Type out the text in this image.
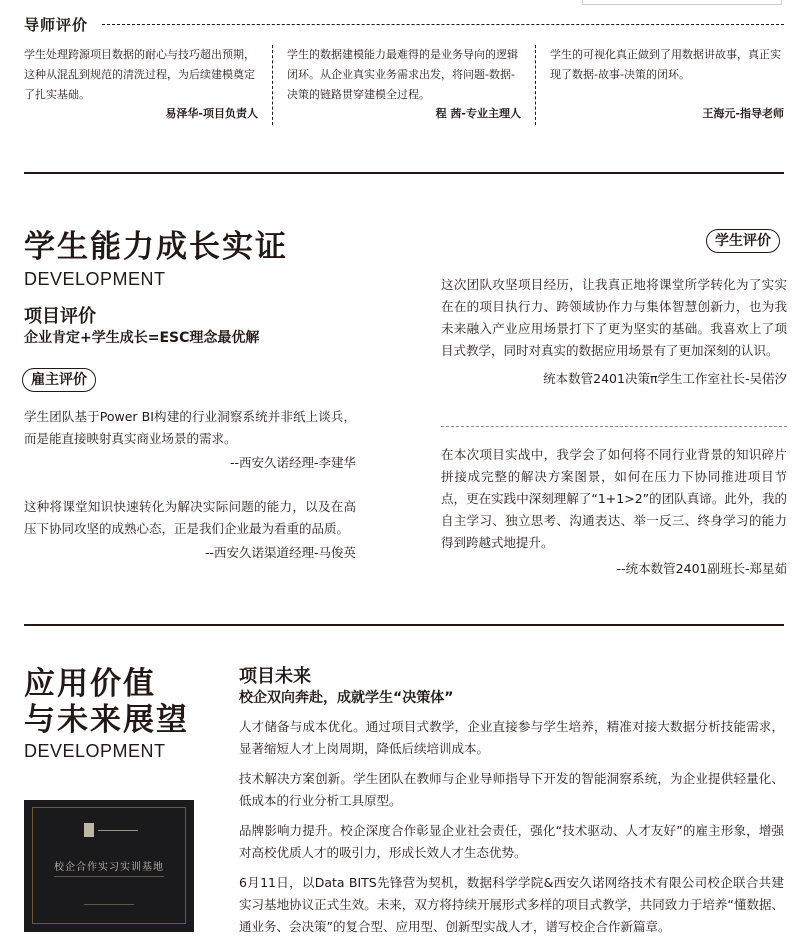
导师评价

学生处理跨源项目数据的耐心与技巧超出预期，这种从混乱到规范的清洗过程，为后续建模奠定了扎实基础。

易泽华-项目负责人

学生的数据建模能力最难得的是业务导向的逻辑闭环。从企业真实业务需求出发，将问题-数据-决策的链路贯穿建模全过程。

程 茜-专业主理人

学生的可视化真正做到了用数据讲故事，真正实现了数据-故事-决策的闭环。

王海元-指导老师
学生能力成长实证
DEVELOPMENT
项目评价
企业肯定+学生成长=ESC理念最优解
雇主评价

学生团队基于Power BI构建的行业洞察系统并非纸上谈兵，而是能直接映射真实商业场景的需求。

--西安久诺经理-李建华

这种将课堂知识快速转化为解决实际问题的能力，以及在高压下协同攻坚的成熟心态，正是我们企业最为看重的品质。

--西安久诺渠道经理-马俊英
学生评价

这次团队攻坚项目经历，让我真正地将课堂所学转化为了实实在在的项目执行力、跨领域协作力与集体智慧创新力，也为我未来融入产业应用场景打下了更为坚实的基础。我喜欢上了项目式教学，同时对真实的数据应用场景有了更加深刻的认识。

统本数管2401决策π学生工作室社长-吴偌汐

在本次项目实战中，我学会了如何将不同行业背景的知识碎片拼接成完整的解决方案图景，如何在压力下协同推进项目节点，更在实践中深刻理解了“1+1>2”的团队真谛。此外，我的自主学习、独立思考、沟通表达、举一反三、终身学习的能力得到跨越式地提升。

--统本数管2401副班长-郑星茹
应用价值
与未来展望
DEVELOPMENT
校企合作实习实训基地
项目未来
校企双向奔赴，成就学生“决策体”

人才储备与成本优化。通过项目式教学，企业直接参与学生培养，精准对接大数据分析技能需求，显著缩短人才上岗周期，降低后续培训成本。

技术解决方案创新。学生团队在教师与企业导师指导下开发的智能洞察系统，为企业提供轻量化、低成本的行业分析工具原型。

品牌影响力提升。校企深度合作彰显企业社会责任，强化“技术驱动、人才友好”的雇主形象，增强对高校优质人才的吸引力，形成长效人才生态优势。

6月11日，以Data BITS先锋营为契机，数据科学学院&西安久诺网络技术有限公司校企联合共建实习基地协议正式生效。未来，双方将持续开展形式多样的项目式教学，共同致力于培养“懂数据、通业务、会决策”的复合型、应用型、创新型实战人才，谱写校企合作新篇章。
